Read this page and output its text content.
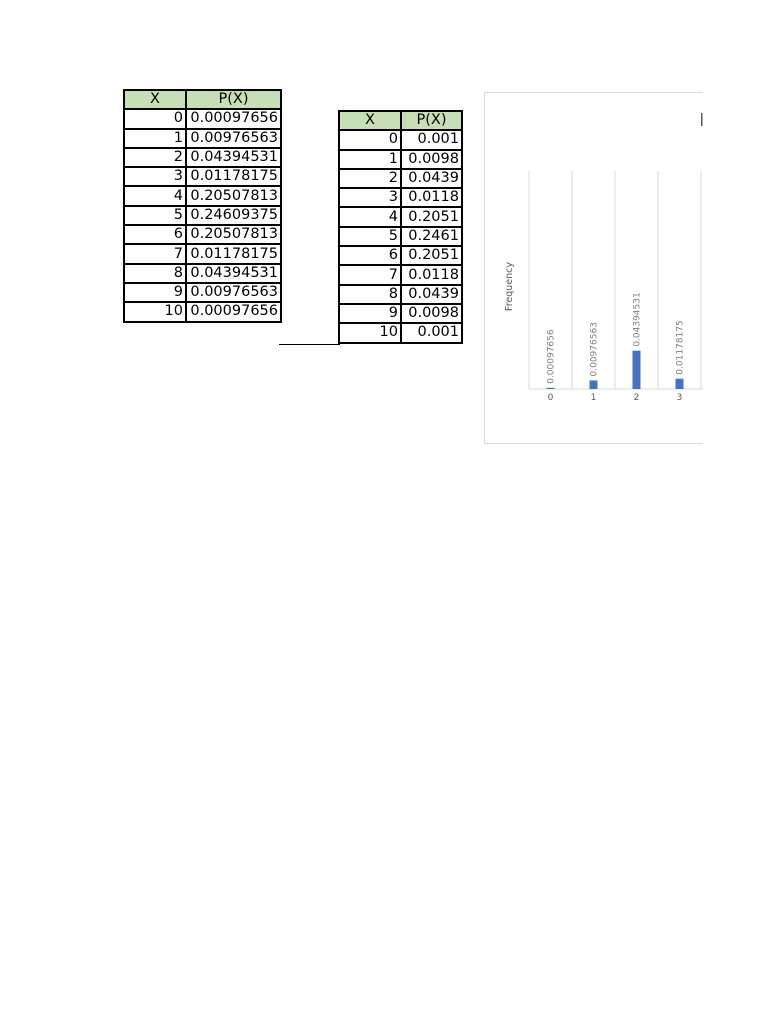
X	P(X)
0	0.00097656
1	0.00976563
2	0.04394531
3	0.01178175
4	0.20507813
5	0.24609375
6	0.20507813
7	0.01178175
8	0.04394531
9	0.00976563
10	0.00097656
X	P(X)
0	0.001
1	0.0098
2	0.0439
3	0.0118
4	0.2051
5	0.2461
6	0.2051
7	0.0118
8	0.0439
9	0.0098
10	0.001
Frequency
0
0.00097656
1
0.00976563
2
0.04394531
3
0.01178175
